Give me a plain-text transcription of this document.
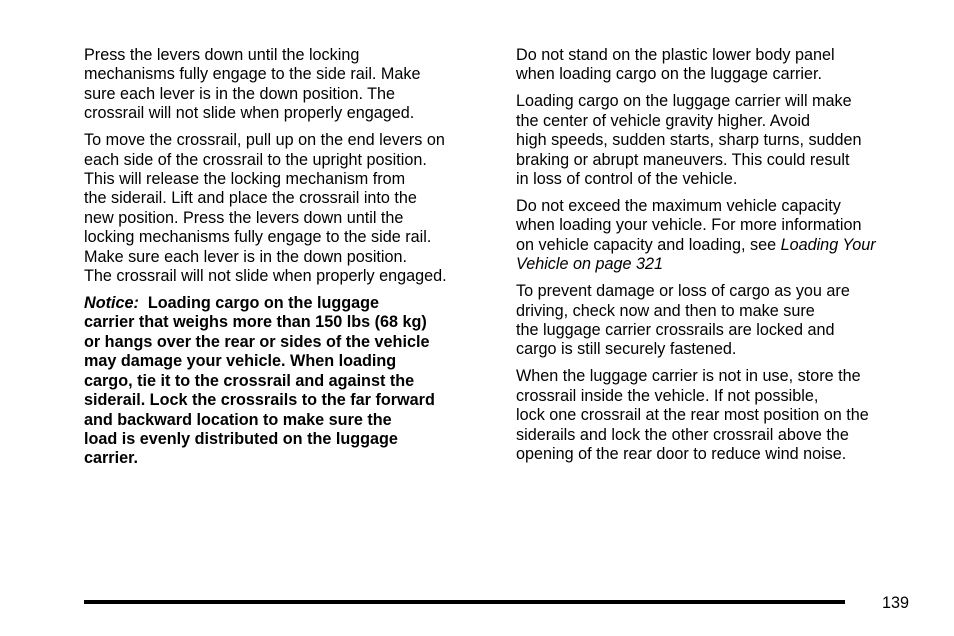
Press the levers down until the locking
mechanisms fully engage to the side rail. Make
sure each lever is in the down position. The
crossrail will not slide when properly engaged.

To move the crossrail, pull up on the end levers on
each side of the crossrail to the upright position.
This will release the locking mechanism from
the siderail. Lift and place the crossrail into the
new position. Press the levers down until the
locking mechanisms fully engage to the side rail.
Make sure each lever is in the down position.
The crossrail will not slide when properly engaged.

Notice: Loading cargo on the luggage
carrier that weighs more than 150 lbs (68 kg)
or hangs over the rear or sides of the vehicle
may damage your vehicle. When loading
cargo, tie it to the crossrail and against the
siderail. Lock the crossrails to the far forward
and backward location to make sure the
load is evenly distributed on the luggage
carrier.

Do not stand on the plastic lower body panel
when loading cargo on the luggage carrier.

Loading cargo on the luggage carrier will make
the center of vehicle gravity higher. Avoid
high speeds, sudden starts, sharp turns, sudden
braking or abrupt maneuvers. This could result
in loss of control of the vehicle.

Do not exceed the maximum vehicle capacity
when loading your vehicle. For more information
on vehicle capacity and loading, see Loading Your
Vehicle on page 321

To prevent damage or loss of cargo as you are
driving, check now and then to make sure
the luggage carrier crossrails are locked and
cargo is still securely fastened.

When the luggage carrier is not in use, store the
crossrail inside the vehicle. If not possible,
lock one crossrail at the rear most position on the
siderails and lock the other crossrail above the
opening of the rear door to reduce wind noise.

139
